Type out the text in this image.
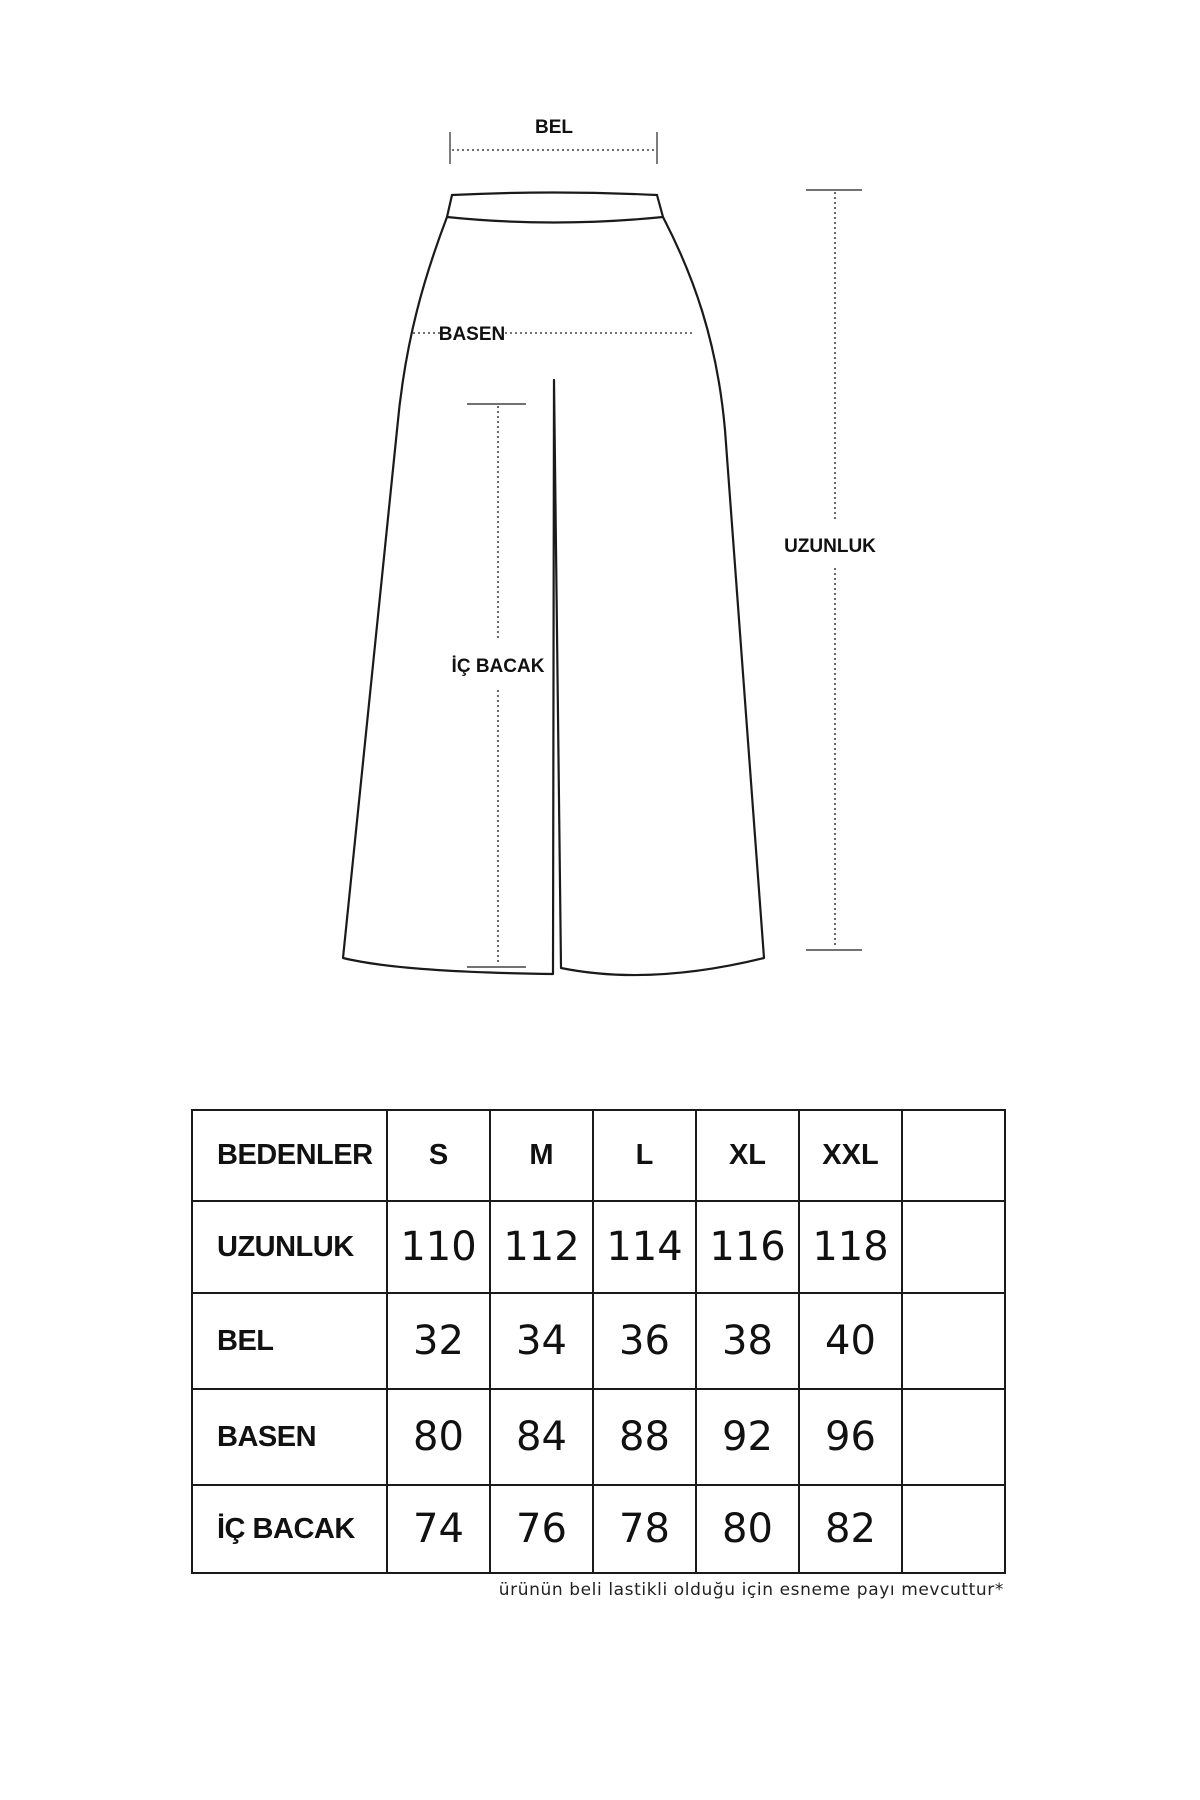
BEL
BASEN
İÇ BACAK
UZUNLUK
BEDENLER	S	M	L	XL	XXL	
UZUNLUK	110	112	114	116	118	
BEL	32	34	36	38	40	
BASEN	80	84	88	92	96	
İÇ BACAK	74	76	78	80	82	
ürünün beli lastikli olduğu için esneme payı mevcuttur*
